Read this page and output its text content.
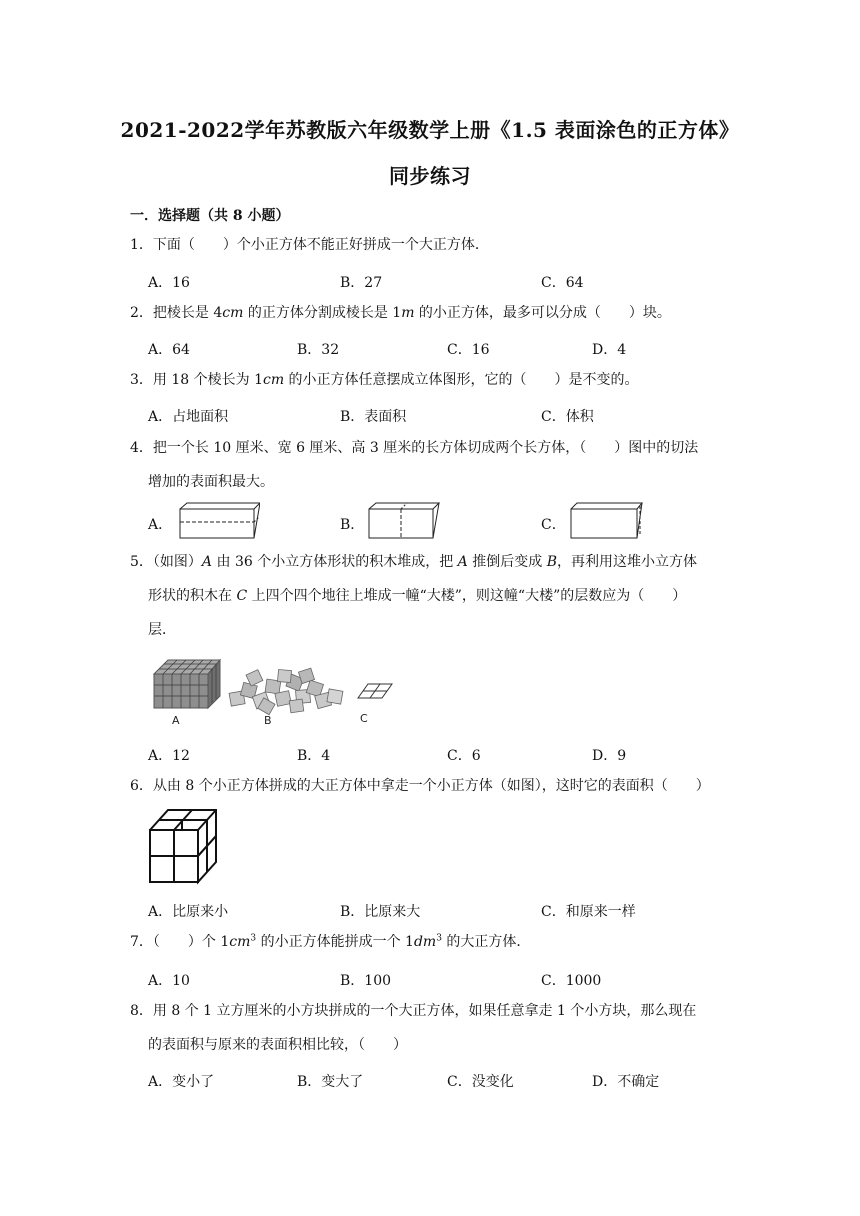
2021-2022学年苏教版六年级数学上册《1.5 表面涂色的正方体》
同步练习
一．选择题（共 8 小题）
1．下面（　　）个小正方体不能正好拼成一个大正方体．
A．16	B．27	C．64
2．把棱长是 4cm 的正方体分割成棱长是 1m 的小正方体，最多可以分成（　　）块。
A．64	B．32	C．16	D．4
3．用 18 个棱长为 1cm 的小正方体任意摆成立体图形，它的（　　）是不变的。
A．占地面积	B．表面积	C．体积
4．把一个长 10 厘米、宽 6 厘米、高 3 厘米的长方体切成两个长方体，（　　）图中的切法
增加的表面积最大。
A．	B．	C．
5．（如图）A 由 36 个小立方体形状的积木堆成，把 A 推倒后变成 B，再利用这堆小立方体
形状的积木在 C 上四个四个地往上堆成一幢“大楼”，则这幢“大楼”的层数应为（　　）
层．
A	B	C
A．12	B．4	C．6	D．9
6．从由 8 个小正方体拼成的大正方体中拿走一个小正方体（如图），这时它的表面积（　　）
A．比原来小	B．比原来大	C．和原来一样
7．（　　）个 $1cm^3$ 的小正方体能拼成一个 $1dm^3$ 的大正方体．
A．10	B．100	C．1000
8．用 8 个 1 立方厘米的小方块拼成的一个大正方体，如果任意拿走 1 个小方块，那么现在
的表面积与原来的表面积相比较，（　　）
A．变小了	B．变大了	C．没变化	D．不确定
